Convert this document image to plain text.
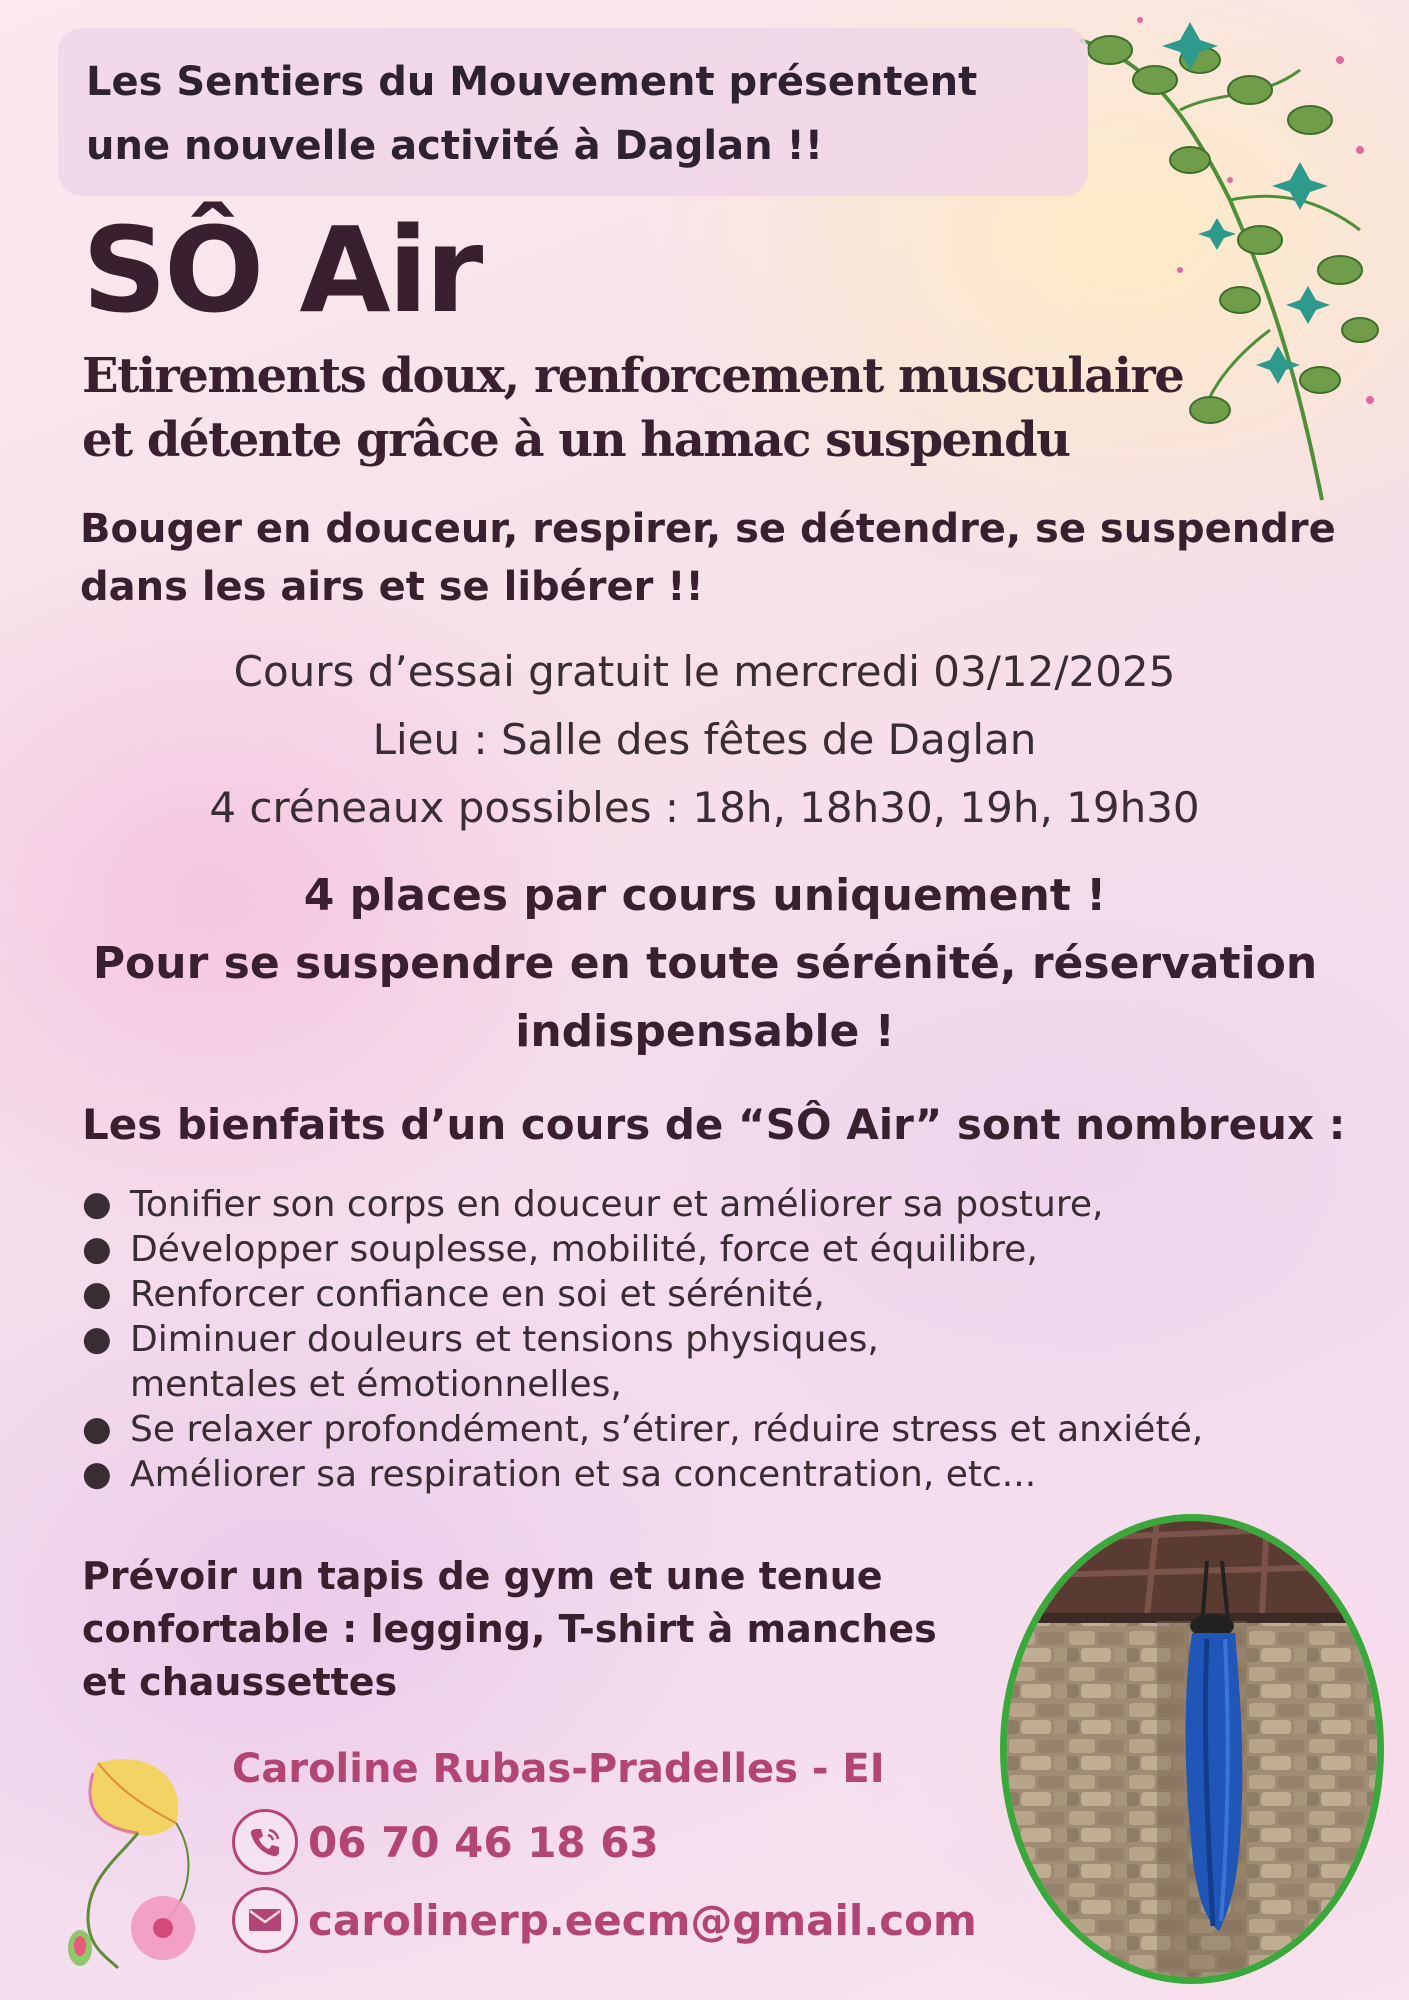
Les Sentiers du Mouvement présentent
une nouvelle activité à Daglan !!
SÔ Air
Etirements doux, renforcement musculaire
et détente grâce à un hamac suspendu
Bouger en douceur, respirer, se détendre, se suspendre
dans les airs et se libérer !!
Cours d’essai gratuit le mercredi 03/12/2025
Lieu : Salle des fêtes de Daglan
4 créneaux possibles : 18h, 18h30, 19h, 19h30
4 places par cours uniquement !
Pour se suspendre en toute sérénité, réservation
indispensable !
Les bienfaits d’un cours de “SÔ Air” sont nombreux :
● Tonifier son corps en douceur et améliorer sa posture,
● Développer souplesse, mobilité, force et équilibre,
● Renforcer confiance en soi et sérénité,
● Diminuer douleurs et tensions physiques, mentales et émotionnelles,
● Se relaxer profondément, s’étirer, réduire stress et anxiété,
● Améliorer sa respiration et sa concentration, etc...
Prévoir un tapis de gym et une tenue
confortable : legging, T-shirt à manches
et chaussettes
Caroline Rubas-Pradelles - EI
06 70 46 18 63
carolinerp.eecm@gmail.com
